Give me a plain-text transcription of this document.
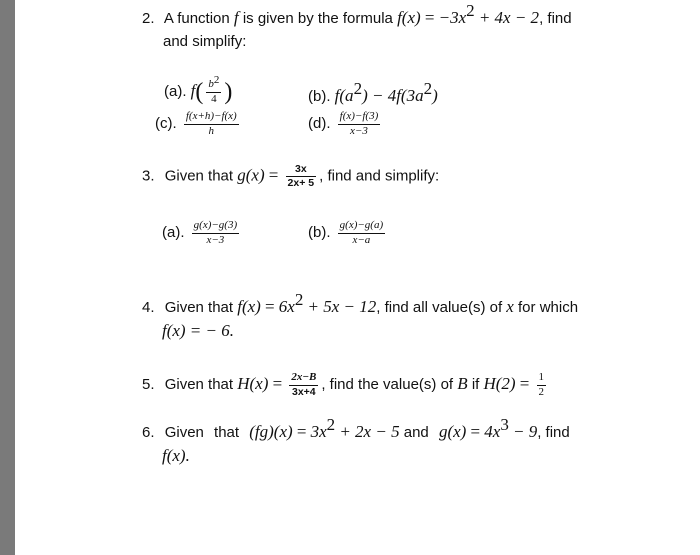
2. A function f is given by the formula $f(x) = -3x^2 + 4x - 2$, find
and simplify:
(a). $f( \frac{b^2}{4}$ )	(b). $f(a^2) - 4f(3a^2)$
(c). $\frac{f(x+h)-f(x)}{h}$	(d). $\frac{f(x)-f(3)}{x-3}$
3. Given that $g(x) = \frac{3x}{2x+ 5}$ , find and simplify:
(a). $\frac{g(x)-g(3)}{x-3}$	(b). $\frac{g(x)-g(a)}{x-a}$
4. Given that $f(x) = 6x^2 + 5x - 12$, find all value(s) of x for which
f(x) = − 6.
5. Given that $H(x) = \frac{2x-B}{3x+4}$ , find the value(s) of B if $H(2) = \frac{1}{2}$
6. Given that $(fg)(x) = 3x^2 + 2x - 5$ and $g(x) = 4x^3 - 9$, find
f(x).
